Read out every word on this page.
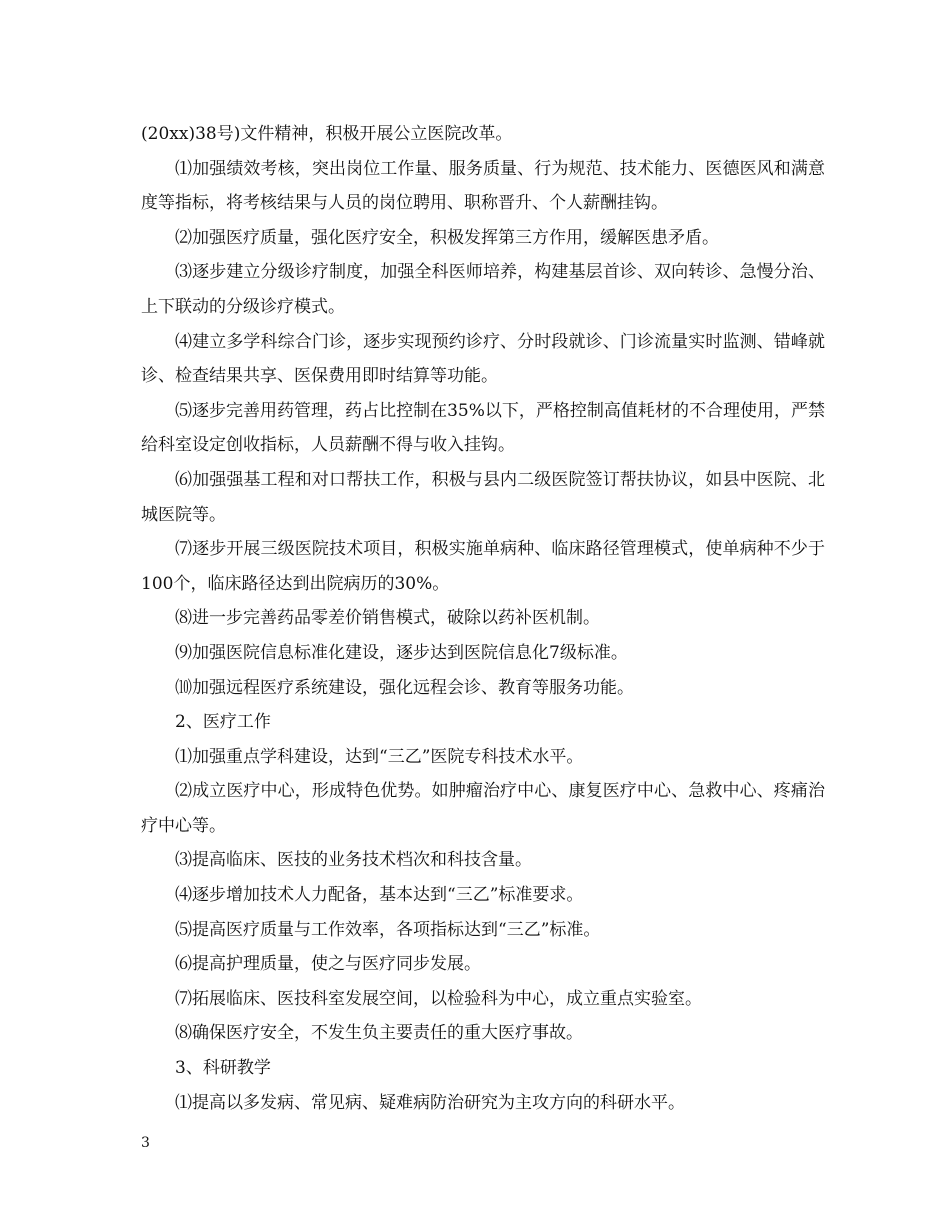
(20xx)38号)文件精神，积极开展公立医院改革。

⑴加强绩效考核，突出岗位工作量、服务质量、行为规范、技术能力、医德医风和满意度等指标，将考核结果与人员的岗位聘用、职称晋升、个人薪酬挂钩。

⑵加强医疗质量，强化医疗安全，积极发挥第三方作用，缓解医患矛盾。

⑶逐步建立分级诊疗制度，加强全科医师培养，构建基层首诊、双向转诊、急慢分治、上下联动的分级诊疗模式。

⑷建立多学科综合门诊，逐步实现预约诊疗、分时段就诊、门诊流量实时监测、错峰就诊、检查结果共享、医保费用即时结算等功能。

⑸逐步完善用药管理，药占比控制在35%以下，严格控制高值耗材的不合理使用，严禁给科室设定创收指标，人员薪酬不得与收入挂钩。

⑹加强强基工程和对口帮扶工作，积极与县内二级医院签订帮扶协议，如县中医院、北城医院等。

⑺逐步开展三级医院技术项目，积极实施单病种、临床路径管理模式，使单病种不少于100个，临床路径达到出院病历的30%。

⑻进一步完善药品零差价销售模式，破除以药补医机制。

⑼加强医院信息标准化建设，逐步达到医院信息化7级标准。

⑽加强远程医疗系统建设，强化远程会诊、教育等服务功能。

2、医疗工作

⑴加强重点学科建设，达到“三乙”医院专科技术水平。

⑵成立医疗中心，形成特色优势。如肿瘤治疗中心、康复医疗中心、急救中心、疼痛治疗中心等。

⑶提高临床、医技的业务技术档次和科技含量。

⑷逐步增加技术人力配备，基本达到“三乙”标准要求。

⑸提高医疗质量与工作效率，各项指标达到“三乙”标准。

⑹提高护理质量，使之与医疗同步发展。

⑺拓展临床、医技科室发展空间，以检验科为中心，成立重点实验室。

⑻确保医疗安全，不发生负主要责任的重大医疗事故。

3、科研教学

⑴提高以多发病、常见病、疑难病防治研究为主攻方向的科研水平。

3
